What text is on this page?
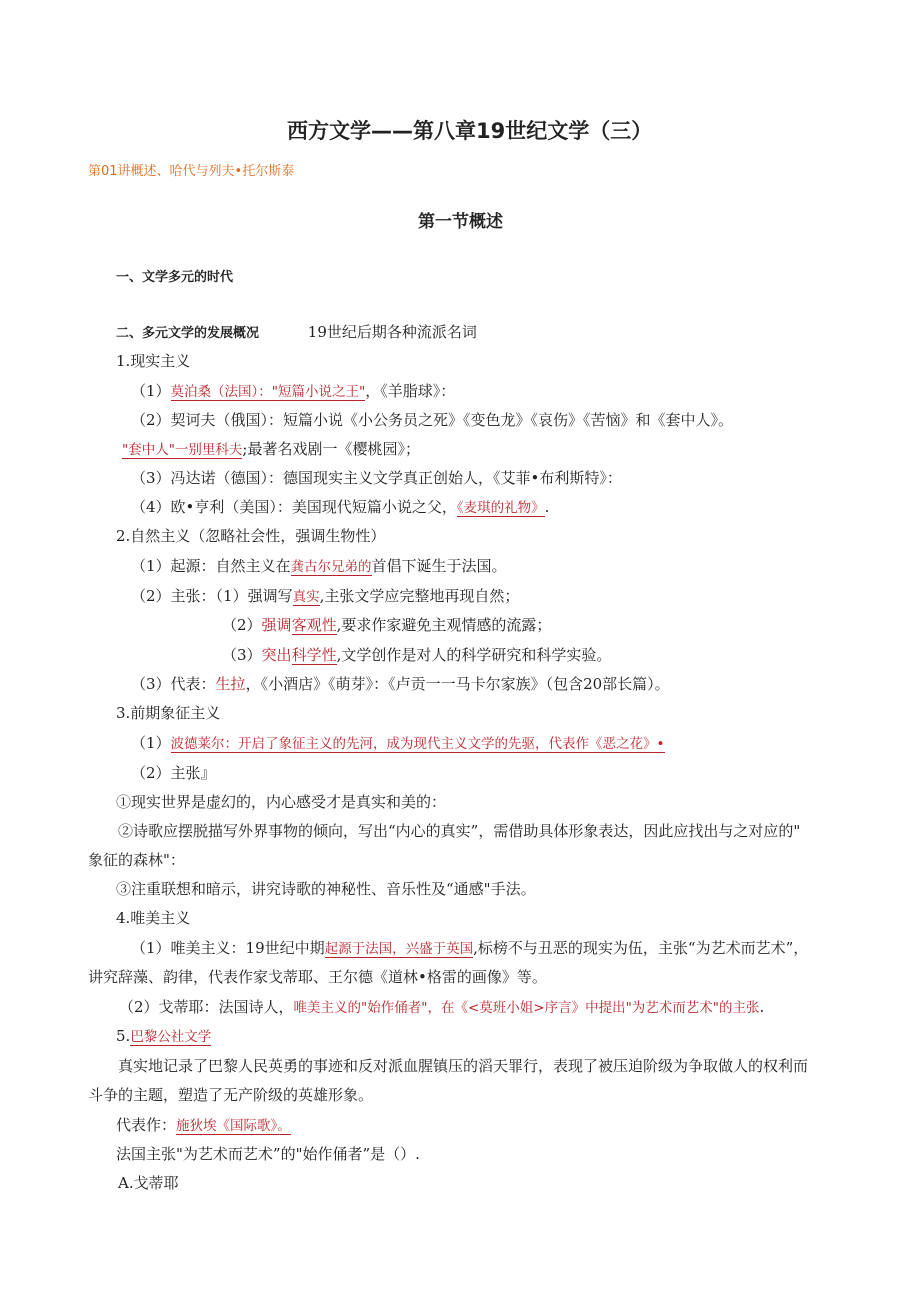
西方文学——第八章19世纪文学（三）
第01讲概述、哈代与列夫•托尔斯泰
第一节概述
一、文学多元的时代
二、多元文学的发展概况	19世纪后期各种流派名词
1.现实主义
（1）莫泊桑（法国）："短篇小说之王"，《羊脂球》：
（2）契诃夫（俄国）：短篇小说《小公务员之死》《变色龙》《哀伤》《苦恼》和《套中人》。
"套中人"一别里科夫;最著名戏剧一《樱桃园》；
（3）冯达诺（德国）：德国现实主义文学真正创始人，《艾菲•布利斯特》：
（4）欧•亨利（美国）：美国现代短篇小说之父，《麦琪的礼物》.
2.自然主义（忽略社会性，强调生物性）
（1）起源：自然主义在龚古尔兄弟的首倡下诞生于法国。
（2）主张：（1）强调写真实,主张文学应完整地再现自然；
（2）强调客观性,要求作家避免主观情感的流露；
（3）突出科学性,文学创作是对人的科学研究和科学实验。
（3）代表：生拉，《小酒店》《萌芽》：《卢贡一一马卡尔家族》（包含20部长篇）。
3.前期象征主义
（1）波德莱尔：开启了象征主义的先河，成为现代主义文学的先驱，代表作《恶之花》•
（2）主张』
①现实世界是虚幻的，内心感受才是真实和美的：
②诗歌应摆脱描写外界事物的倾向，写出“内心的真实”，需借助具体形象表达，因此应找出与之对应的"
象征的森林"：
③注重联想和暗示，讲究诗歌的神秘性、音乐性及“通感"手法。
4.唯美主义
（1）唯美主义：19世纪中期起源于法国，兴盛于英国,标榜不与丑恶的现实为伍，主张“为艺术而艺术”，
讲究辞藻、韵律，代表作家戈蒂耶、王尔德《道林•格雷的画像》等。
（2）戈蒂耶：法国诗人，唯美主义的"始作俑者"，在《<莫班小姐>序言》中提出"为艺术而艺术"的主张.
5.巴黎公社文学
真实地记录了巴黎人民英勇的事迹和反对派血腥镇压的滔天罪行，表现了被压迫阶级为争取做人的权利而
斗争的主题，塑造了无产阶级的英雄形象。
代表作：施狄埃《国际歌》。
法国主张"为艺术而艺术”的"始作俑者”是（）.
A.戈蒂耶
